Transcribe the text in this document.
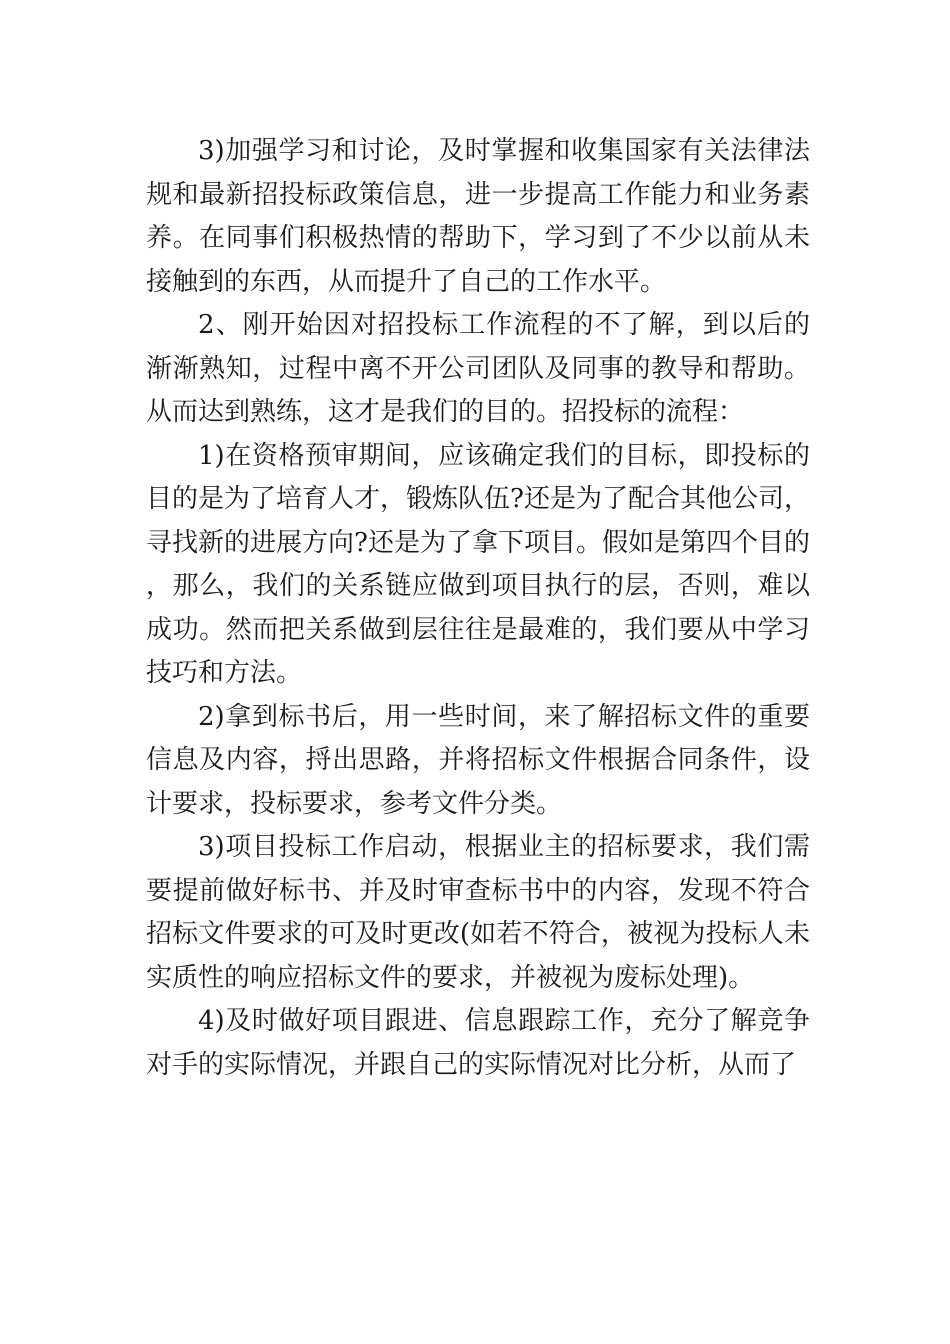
3)加强学习和讨论，及时掌握和收集国家有关法律法规和最新招投标政策信息，进一步提高工作能力和业务素养。在同事们积极热情的帮助下，学习到了不少以前从未接触到的东西，从而提升了自己的工作水平。

2、刚开始因对招投标工作流程的不了解，到以后的渐渐熟知，过程中离不开公司团队及同事的教导和帮助。从而达到熟练，这才是我们的目的。招投标的流程：

1)在资格预审期间，应该确定我们的目标，即投标的目的是为了培育人才，锻炼队伍?还是为了配合其他公司，寻找新的进展方向?还是为了拿下项目。假如是第四个目的，那么，我们的关系链应做到项目执行的层，否则，难以成功。然而把关系做到层往往是最难的，我们要从中学习技巧和方法。

2)拿到标书后，用一些时间，来了解招标文件的重要信息及内容，捋出思路，并将招标文件根据合同条件，设计要求，投标要求，参考文件分类。

3)项目投标工作启动，根据业主的招标要求，我们需要提前做好标书、并及时审查标书中的内容，发现不符合招标文件要求的可及时更改(如若不符合，被视为投标人未实质性的响应招标文件的要求，并被视为废标处理)。

4)及时做好项目跟进、信息跟踪工作，充分了解竞争对手的实际情况，并跟自己的实际情况对比分析，从而了
